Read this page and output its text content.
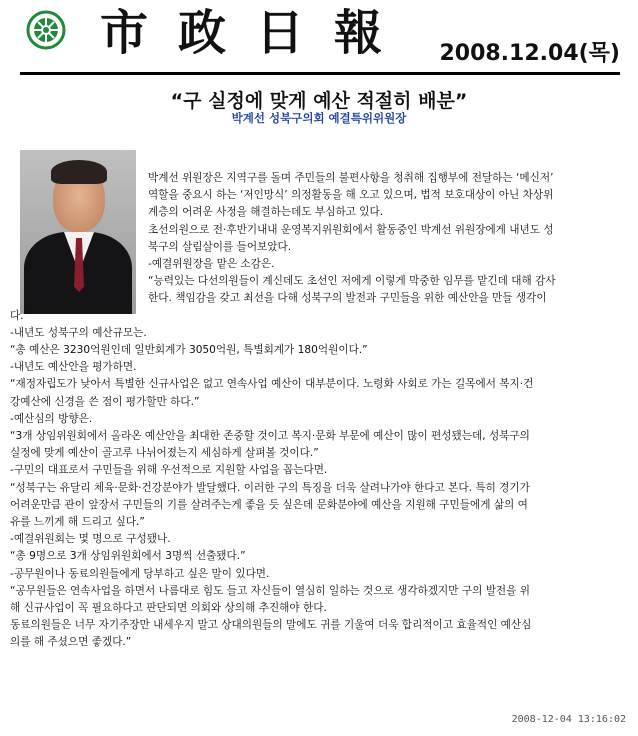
市政日報 2008.12.04(목)
“구 실정에 맞게 예산 적절히 배분”
박계선 성북구의회 예결특위위원장

박계선 위원장은 지역구를 돌며 주민들의 불편사항을 청취해 집행부에 전달하는 ‘메신저’

역할을 중요시 하는 ‘저인망식’ 의정활동을 해 오고 있으며, 법적 보호대상이 아닌 차상위

계층의 어려운 사정을 해결하는데도 부심하고 있다.

초선의원으로 전·후반기내내 운영복지위원회에서 활동중인 박계선 위원장에게 내년도 성

북구의 살림살이를 들어보았다.

-예결위원장을 맡은 소감은.

“능력있는 다선의원들이 계신데도 초선인 저에게 이렇게 막중한 임무를 맡긴데 대해 감사

한다. 책임감을 갖고 최선을 다해 성북구의 발전과 구민들을 위한 예산안을 만들 생각이

다.”

-내년도 성북구의 예산규모는.

“총 예산은 3230억원인데 일반회계가 3050억원, 특별회계가 180억원이다.”

-내년도 예산안을 평가하면.

“재정자립도가 낮아서 특별한 신규사업은 없고 연속사업 예산이 대부분이다. 노령화 사회로 가는 길목에서 복지·건

강예산에 신경을 쓴 점이 평가할만 하다.”

-예산심의 방향은.

“3개 상임위원회에서 올라온 예산안을 최대한 존중할 것이고 복지·문화 부문에 예산이 많이 편성됐는데, 성북구의

실정에 맞게 예산이 골고루 나뉘어졌는지 세심하게 살펴볼 것이다.”

-구민의 대표로서 구민들을 위해 우선적으로 지원할 사업을 꼽는다면.

“성북구는 유달리 체육·문화·건강분야가 발달했다. 이러한 구의 특징을 더욱 살려나가야 한다고 본다. 특히 경기가

어려운만큼 관이 앞장서 구민들의 기를 살려주는게 좋을 듯 싶은데 문화분야에 예산을 지원해 구민들에게 삶의 여

유를 느끼게 해 드리고 싶다.”

-예결위원회는 몇 명으로 구성됐나.

“총 9명으로 3개 상임위원회에서 3명씩 선출됐다.”

-공무원이나 동료의원들에게 당부하고 싶은 말이 있다면.

“공무원들은 연속사업을 하면서 나름대로 힘도 들고 자신들이 열심히 일하는 것으로 생각하겠지만 구의 발전을 위

해 신규사업이 꼭 필요하다고 판단되면 의회와 상의해 추진해야 한다.

동료의원들은 너무 자기주장만 내세우지 말고 상대의원들의 말에도 귀를 기울여 더욱 합리적이고 효율적인 예산심

의를 해 주셨으면 좋겠다.”

2008-12-04 13:16:02
